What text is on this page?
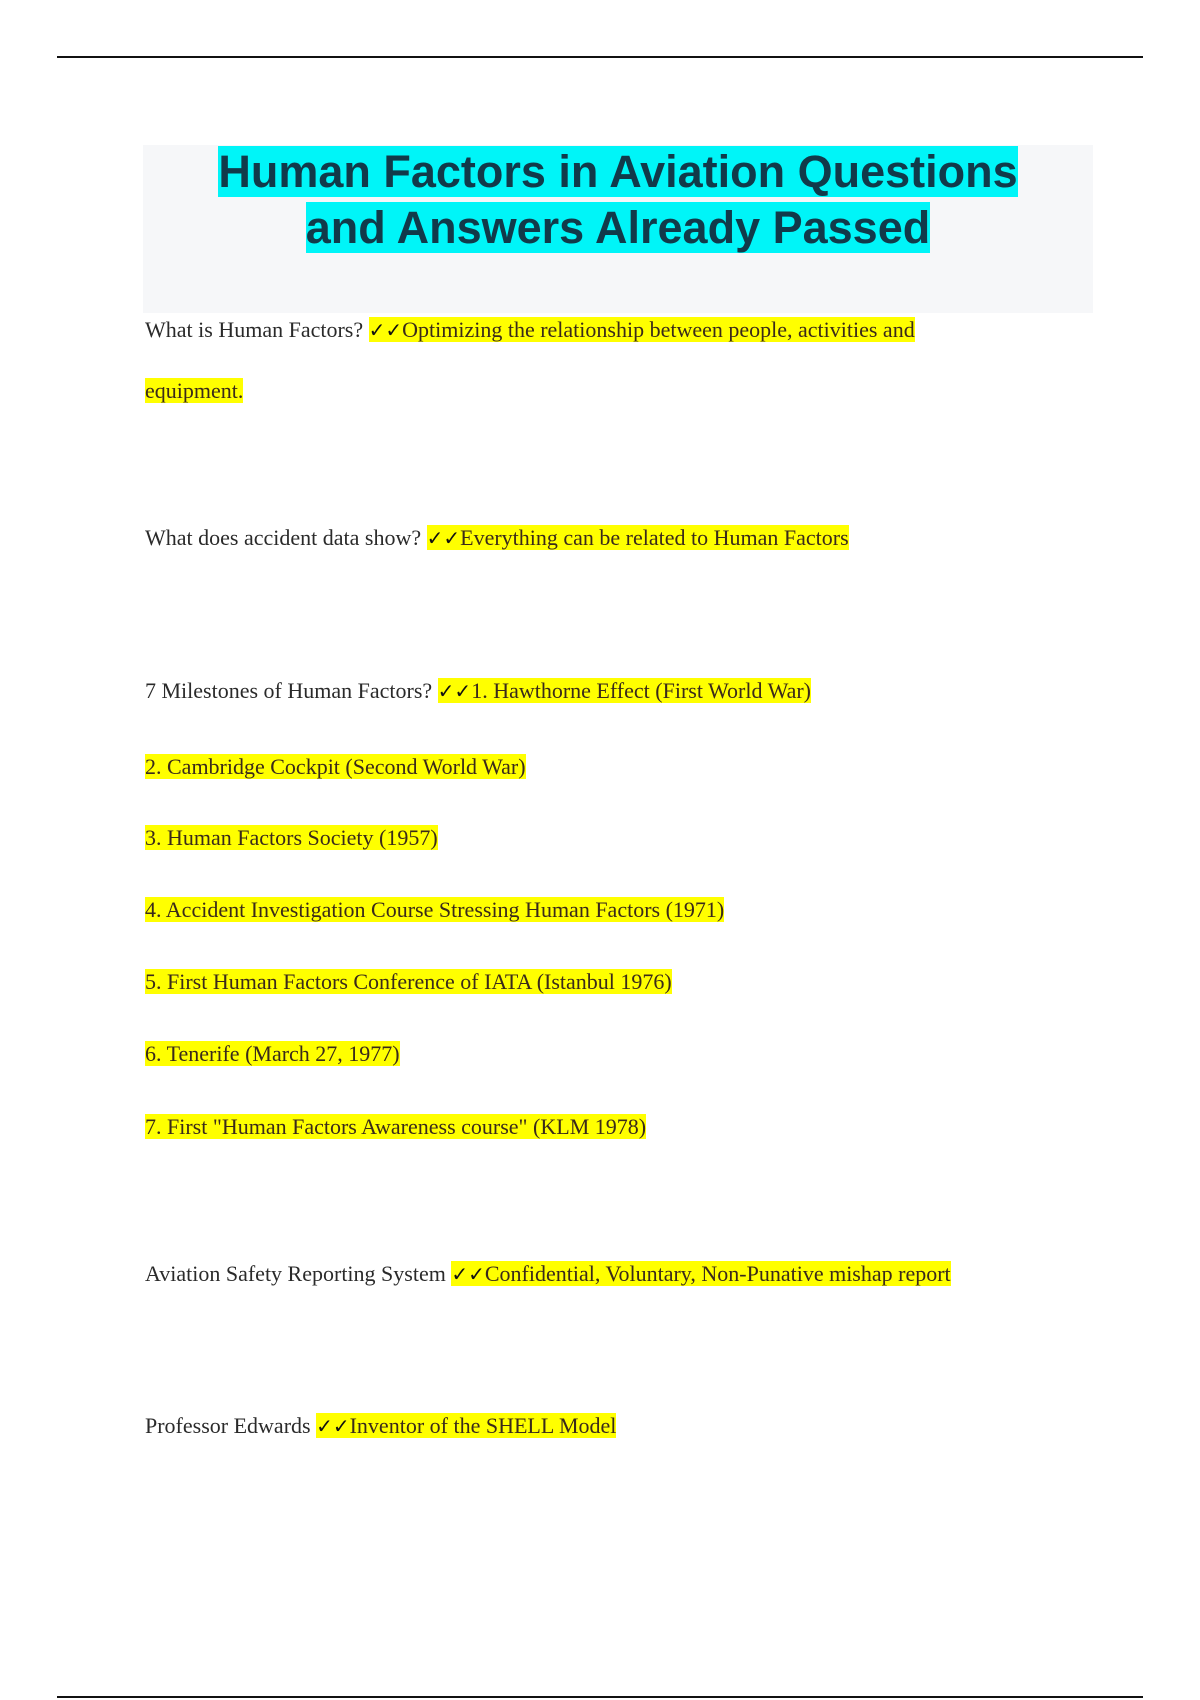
Human Factors in Aviation Questions
and Answers Already Passed

What is Human Factors? ✓✓Optimizing the relationship between people, activities and

equipment.

What does accident data show? ✓✓Everything can be related to Human Factors

7 Milestones of Human Factors? ✓✓1. Hawthorne Effect (First World War)

2. Cambridge Cockpit (Second World War)

3. Human Factors Society (1957)

4. Accident Investigation Course Stressing Human Factors (1971)

5. First Human Factors Conference of IATA (Istanbul 1976)

6. Tenerife (March 27, 1977)

7. First "Human Factors Awareness course" (KLM 1978)

Aviation Safety Reporting System ✓✓Confidential, Voluntary, Non-Punative mishap report

Professor Edwards ✓✓Inventor of the SHELL Model
